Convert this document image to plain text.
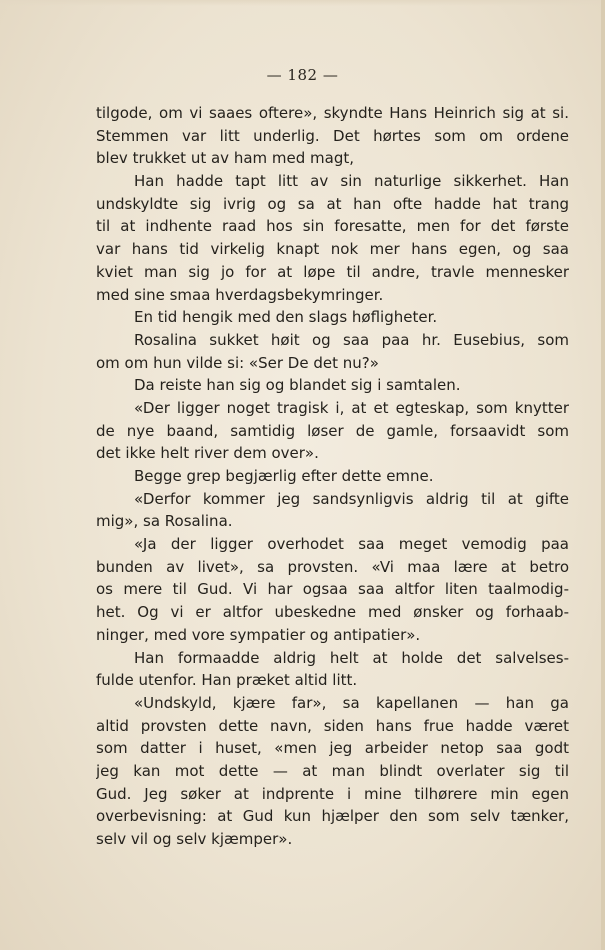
— 182 —
tilgode, om vi saaes oftere», skyndte Hans Heinrich sig at si.
Stemmen var litt underlig. Det hørtes som om ordene
blev trukket ut av ham med magt,
Han hadde tapt litt av sin naturlige sikkerhet. Han
undskyldte sig ivrig og sa at han ofte hadde hat trang
til at indhente raad hos sin foresatte, men for det første
var hans tid virkelig knapt nok mer hans egen, og saa
kviet man sig jo for at løpe til andre, travle mennesker
med sine smaa hverdagsbekymringer.
En tid hengik med den slags høfligheter.
Rosalina sukket høit og saa paa hr. Eusebius, som
om om hun vilde si: «Ser De det nu?»
Da reiste han sig og blandet sig i samtalen.
«Der ligger noget tragisk i, at et egteskap, som knytter
de nye baand, samtidig løser de gamle, forsaavidt som
det ikke helt river dem over».
Begge grep begjærlig efter dette emne.
«Derfor kommer jeg sandsynligvis aldrig til at gifte
mig», sa Rosalina.
«Ja der ligger overhodet saa meget vemodig paa
bunden av livet», sa provsten. «Vi maa lære at betro
os mere til Gud. Vi har ogsaa saa altfor liten taalmodig-
het. Og vi er altfor ubeskedne med ønsker og forhaab-
ninger, med vore sympatier og antipatier».
Han formaadde aldrig helt at holde det salvelses-
fulde utenfor. Han præket altid litt.
«Undskyld, kjære far», sa kapellanen — han ga
altid provsten dette navn, siden hans frue hadde været
som datter i huset, «men jeg arbeider netop saa godt
jeg kan mot dette — at man blindt overlater sig til
Gud. Jeg søker at indprente i mine tilhørere min egen
overbevisning: at Gud kun hjælper den som selv tænker,
selv vil og selv kjæmper».
